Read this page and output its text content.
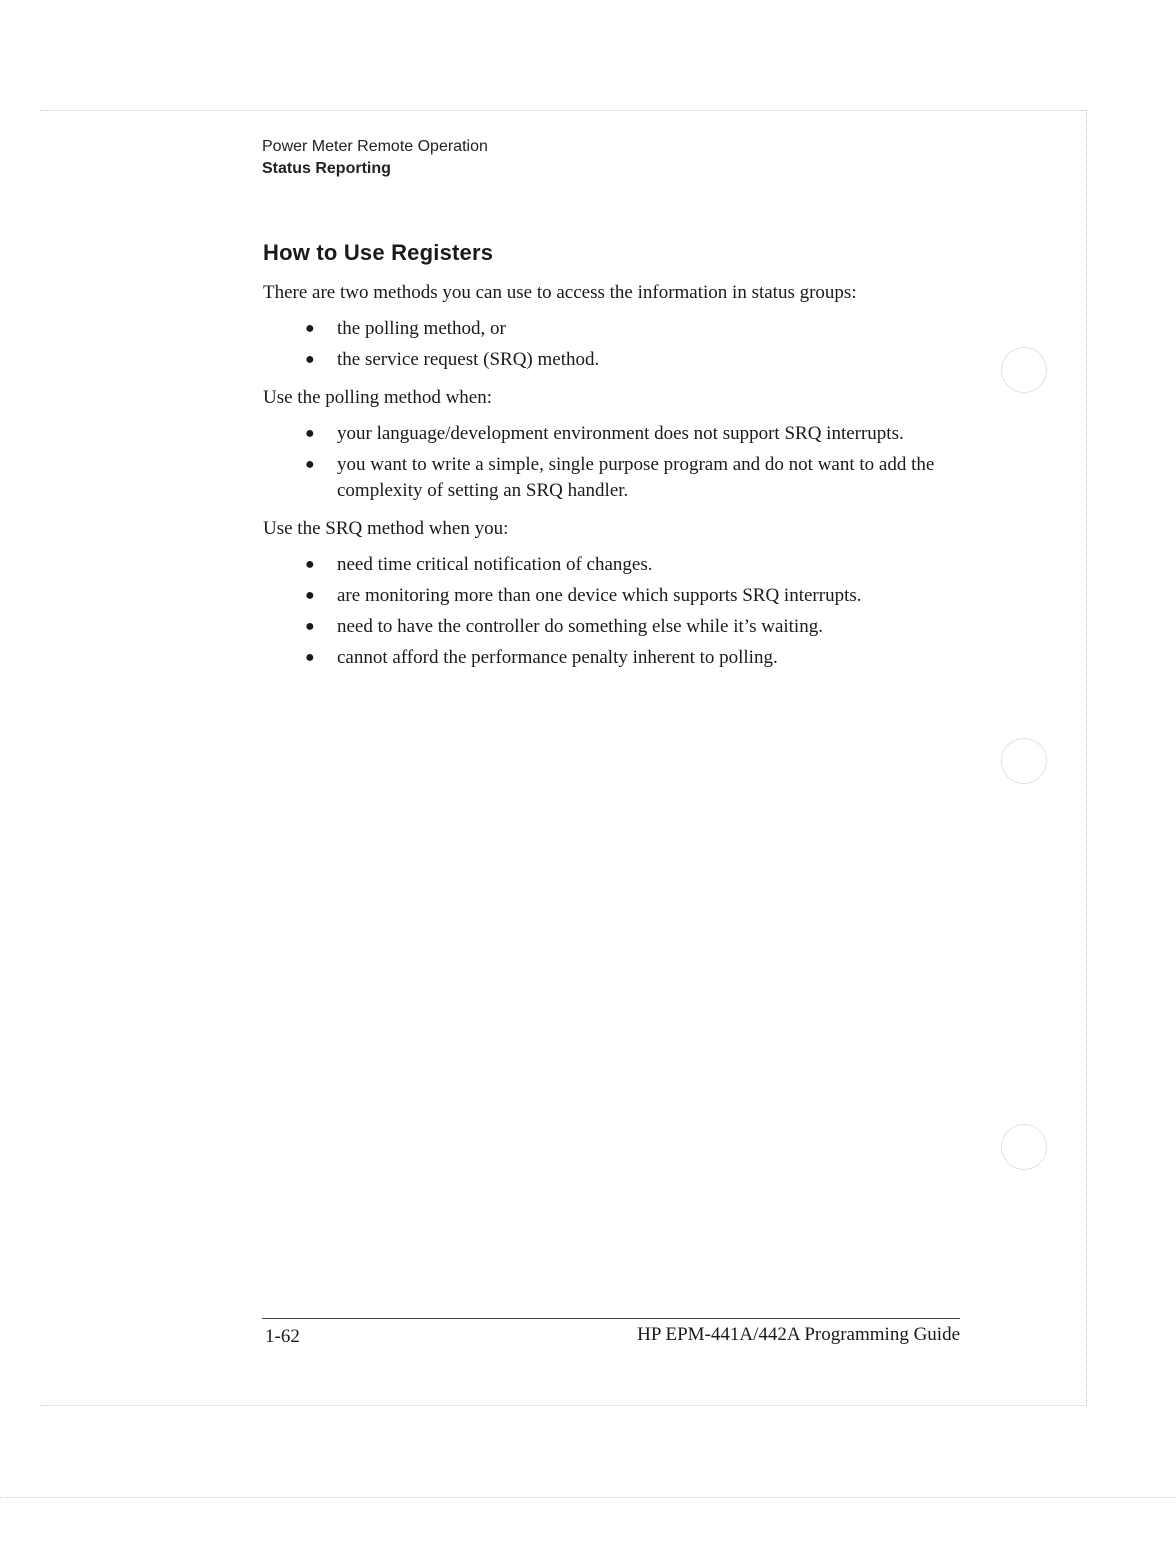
Power Meter Remote Operation
Status Reporting
How to Use Registers

There are two methods you can use to access the information in status groups:

● the polling method, or
● the service request (SRQ) method.

Use the polling method when:

● your language/development environment does not support SRQ interrupts.
● you want to write a simple, single purpose program and do not want to add the complexity of setting an SRQ handler.

Use the SRQ method when you:

● need time critical notification of changes.
● are monitoring more than one device which supports SRQ interrupts.
● need to have the controller do something else while it’s waiting.
● cannot afford the performance penalty inherent to polling.
1-62	HP EPM-441A/442A Programming Guide
